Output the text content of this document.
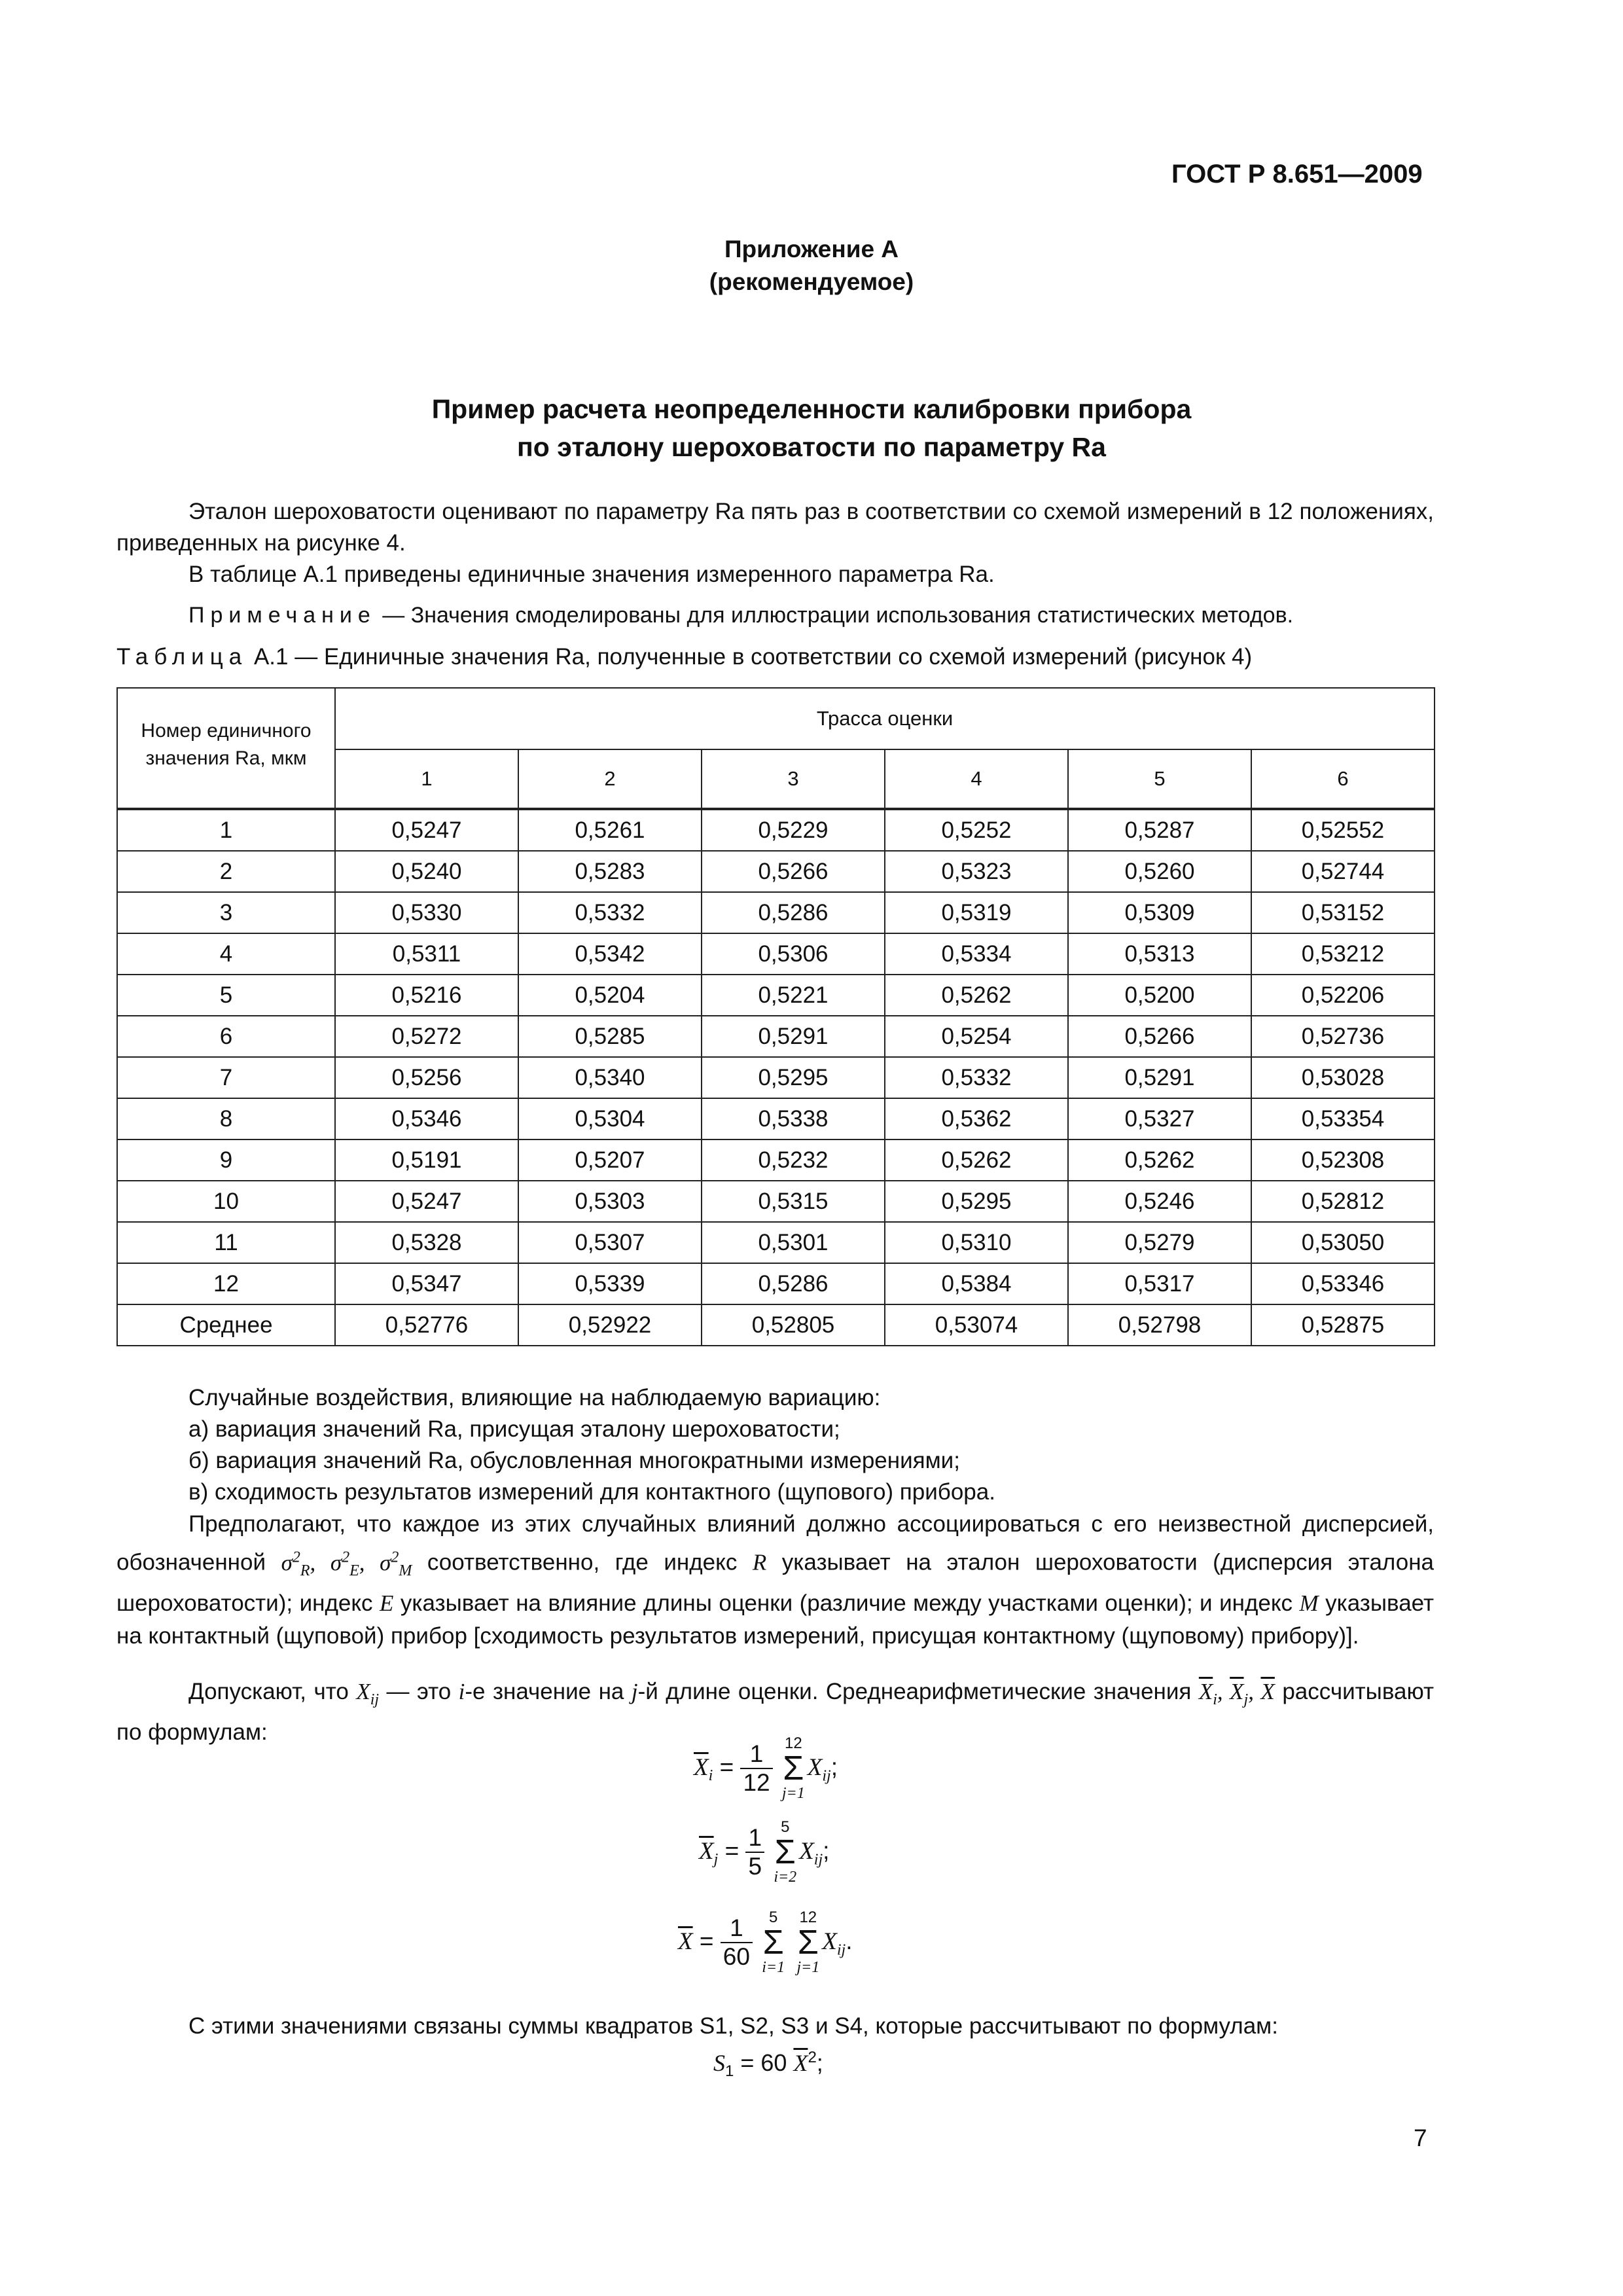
ГОСТ Р 8.651—2009
Приложение А
(рекомендуемое)
Пример расчета неопределенности калибровки прибора
по эталону шероховатости по параметру Ra
Эталон шероховатости оценивают по параметру Ra пять раз в соответствии со схемой измерений в 12 положениях, приведенных на рисунке 4.
В таблице А.1 приведены единичные значения измеренного параметра Ra.
Примечание — Значения смоделированы для иллюстрации использования статистических методов.
Таблица А.1 — Единичные значения Ra, полученные в соответствии со схемой измерений (рисунок 4)
Номер единичного значения Ra, мкм	Трасса оценки					
	1	2	3	4	5	6
1	0,5247	0,5261	0,5229	0,5252	0,5287	0,52552
2	0,5240	0,5283	0,5266	0,5323	0,5260	0,52744
3	0,5330	0,5332	0,5286	0,5319	0,5309	0,53152
4	0,5311	0,5342	0,5306	0,5334	0,5313	0,53212
5	0,5216	0,5204	0,5221	0,5262	0,5200	0,52206
6	0,5272	0,5285	0,5291	0,5254	0,5266	0,52736
7	0,5256	0,5340	0,5295	0,5332	0,5291	0,53028
8	0,5346	0,5304	0,5338	0,5362	0,5327	0,53354
9	0,5191	0,5207	0,5232	0,5262	0,5262	0,52308
10	0,5247	0,5303	0,5315	0,5295	0,5246	0,52812
11	0,5328	0,5307	0,5301	0,5310	0,5279	0,53050
12	0,5347	0,5339	0,5286	0,5384	0,5317	0,53346
Среднее	0,52776	0,52922	0,52805	0,53074	0,52798	0,52875
Случайные воздействия, влияющие на наблюдаемую вариацию:
а) вариация значений Ra, присущая эталону шероховатости;
б) вариация значений Ra, обусловленная многократными измерениями;
в) сходимость результатов измерений для контактного (щупового) прибора.
Предполагают, что каждое из этих случайных влияний должно ассоциироваться с его неизвестной дисперсией, обозначенной $\sigma^2_R$, $\sigma^2_E$, $\sigma^2_M$ соответственно, где индекс R указывает на эталон шероховатости (дисперсия эталона шероховатости); индекс E указывает на влияние длины оценки (различие между участками оценки); и индекс M указывает на контактный (щуповой) прибор [сходимость результатов измерений, присущая контактному (щуповому) прибору)].
Допускают, что $X_{ij}$ — это i-е значение на j-й длине оценки. Среднеарифметические значения $\overline{X}_i$, $\overline{X}_j$, $\overline{X}$ рассчитывают по формулам:
$\overline{X}_i = \frac{1}{12}$
12
Σ
j=1
$X_{ij}$;
$\overline{X}_j = \frac{1}{5}$
	5
Σ
i=2
$X_{ij}$;
$\overline{X} = \frac{1}{60}$
	5
Σ
i=1

12
Σ
j=1
$X_{ij}$.
С этими значениями связаны суммы квадратов S1, S2, S3 и S4, которые рассчитывают по формулам:
$S_1 = 60$ $\overline{X}^2$;
7
